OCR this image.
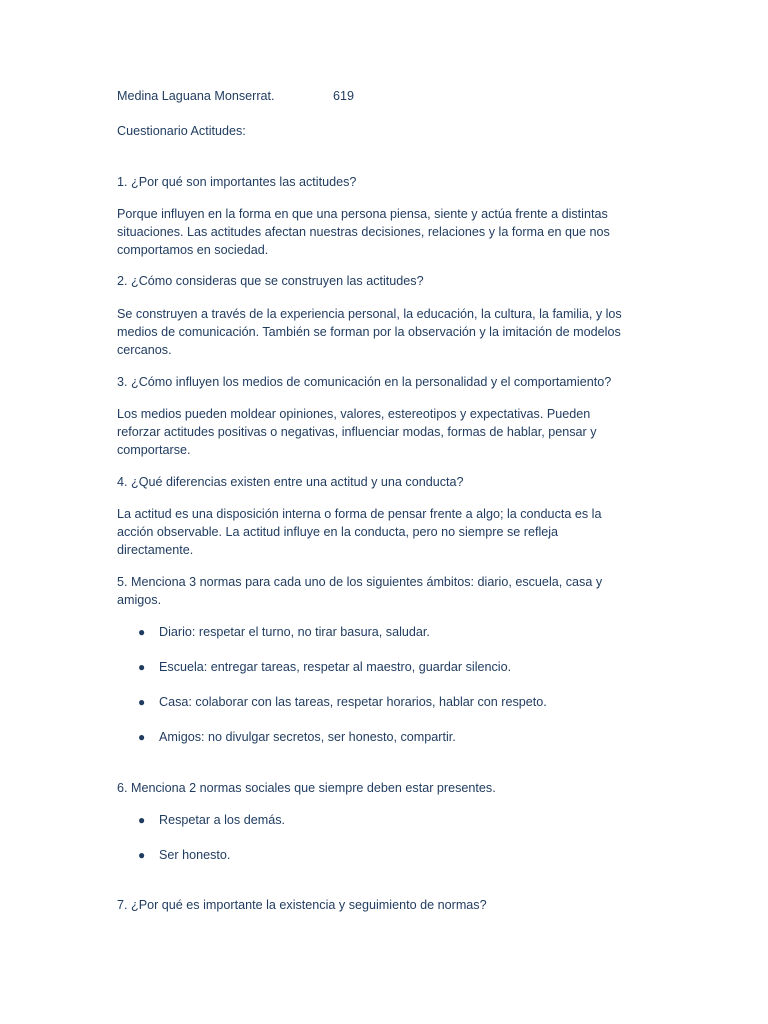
Medina Laguana Monserrat.	619
Cuestionario Actitudes:
1. ¿Por qué son importantes las actitudes?
Porque influyen en la forma en que una persona piensa, siente y actúa frente a distintas
situaciones. Las actitudes afectan nuestras decisiones, relaciones y la forma en que nos
comportamos en sociedad.
2. ¿Cómo consideras que se construyen las actitudes?
Se construyen a través de la experiencia personal, la educación, la cultura, la familia, y los
medios de comunicación. También se forman por la observación y la imitación de modelos
cercanos.
3. ¿Cómo influyen los medios de comunicación en la personalidad y el comportamiento?
Los medios pueden moldear opiniones, valores, estereotipos y expectativas. Pueden
reforzar actitudes positivas o negativas, influenciar modas, formas de hablar, pensar y
comportarse.
4. ¿Qué diferencias existen entre una actitud y una conducta?
La actitud es una disposición interna o forma de pensar frente a algo; la conducta es la
acción observable. La actitud influye en la conducta, pero no siempre se refleja
directamente.
5. Menciona 3 normas para cada uno de los siguientes ámbitos: diario, escuela, casa y
amigos.
● Diario: respetar el turno, no tirar basura, saludar.
● Escuela: entregar tareas, respetar al maestro, guardar silencio.
● Casa: colaborar con las tareas, respetar horarios, hablar con respeto.
● Amigos: no divulgar secretos, ser honesto, compartir.
6. Menciona 2 normas sociales que siempre deben estar presentes.
● Respetar a los demás.
● Ser honesto.
7. ¿Por qué es importante la existencia y seguimiento de normas?
